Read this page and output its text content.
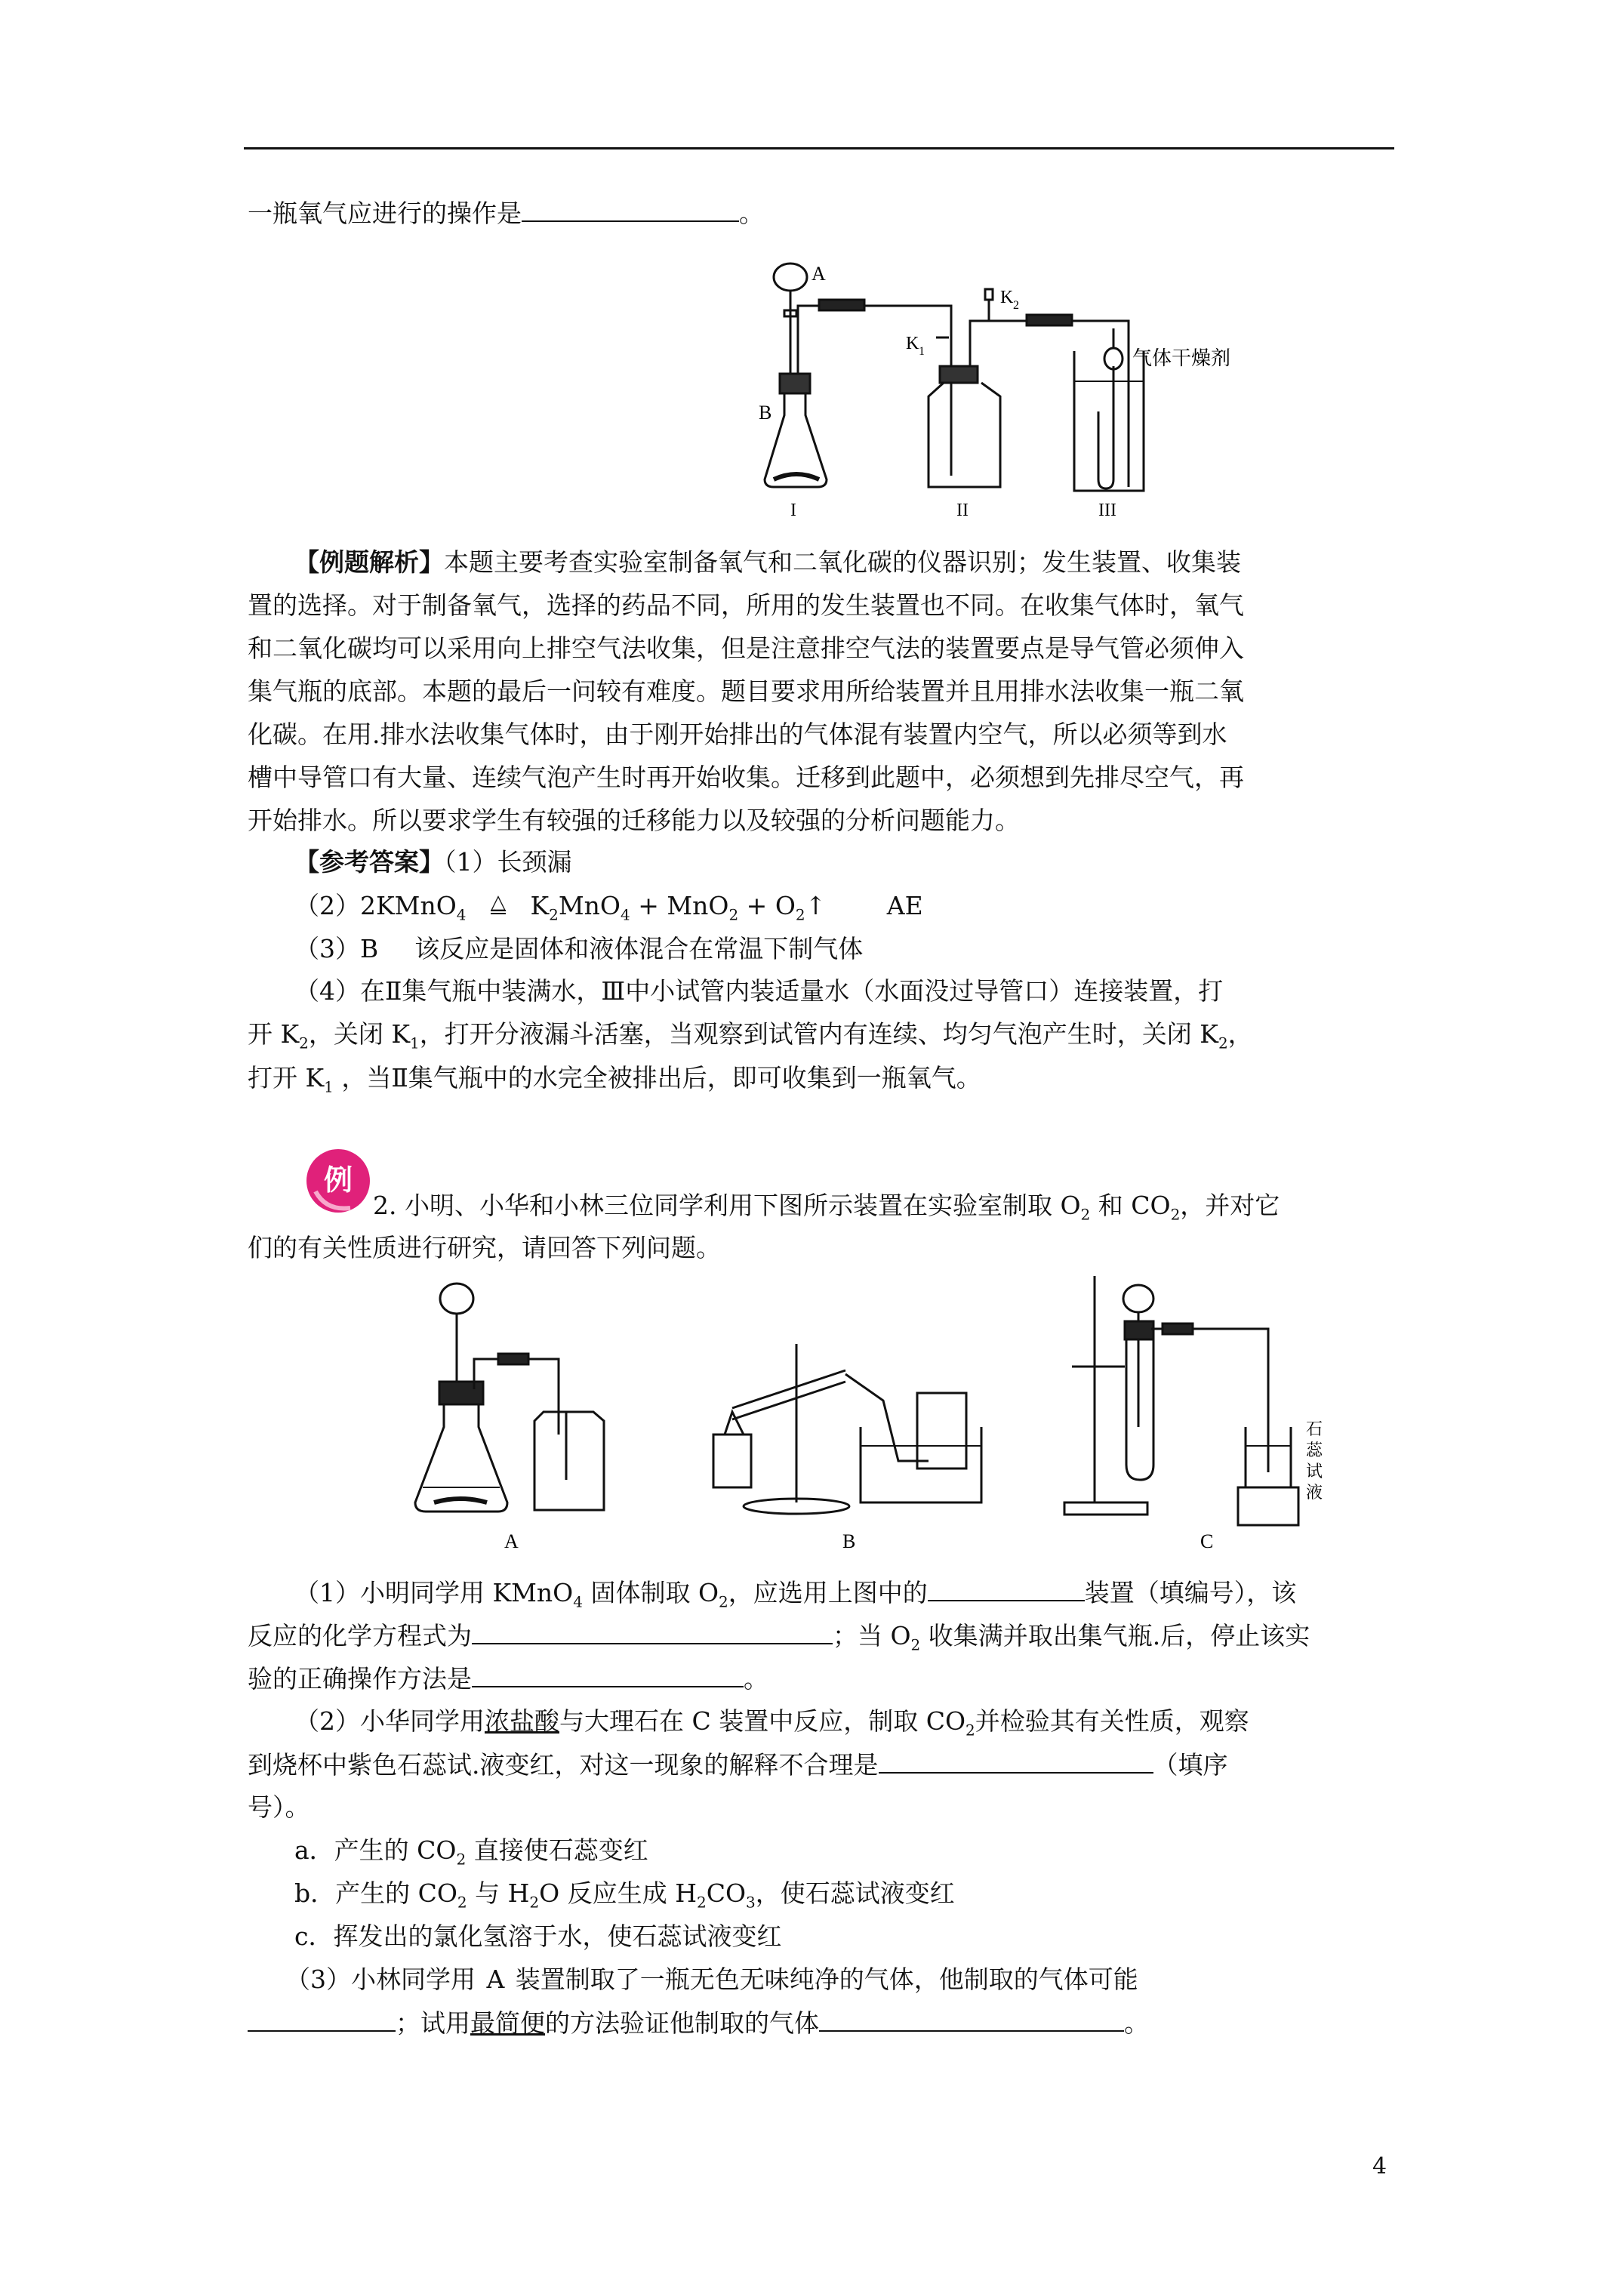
一瓶氧气应进行的操作是	。
A
B
K 1
K 2
气体干燥剂
I	II	III
【例题解析】本题主要考查实验室制备氧气和二氧化碳的仪器识别；发生装置、收集装
置的选择。对于制备氧气，选择的药品不同，所用的发生装置也不同。在收集气体时，氧气
和二氧化碳均可以采用向上排空气法收集，但是注意排空气法的装置要点是导气管必须伸入
集气瓶的底部。本题的最后一问较有难度。题目要求用所给装置并且用排水法收集一瓶二氧
化碳。在用.排水法收集气体时，由于刚开始排出的气体混有装置内空气，所以必须等到水
槽中导管口有大量、连续气泡产生时再开始收集。迁移到此题中，必须想到先排尽空气，再
开始排水。所以要求学生有较强的迁移能力以及较强的分析问题能力。
【参考答案】（1）长颈漏
（2）2KMnO$_4$ △ $K_2MnO_4 + MnO_2$ + $O_2↑$ AE
（3）B 该反应是固体和液体混合在常温下制气体
（4）在Ⅱ集气瓶中装满水，Ⅲ中小试管内装适量水（水面没过导管口）连接装置，打
开 $K_2$，关闭 $K_1$，打开分液漏斗活塞，当观察到试管内有连续、均匀气泡产生时，关闭 $K_2$，
打开 $K_1$ ，当Ⅱ集气瓶中的水完全被排出后，即可收集到一瓶氧气。
例
2. 小明、小华和小林三位同学利用下图所示装置在实验室制取 $O_2$ 和 $CO_2$，并对它
们的有关性质进行研究，请回答下列问题。
A	B	C
石
蕊
试
液
（1）小明同学用 KMnO$_4$ 固体制取 $O_2$，应选用上图中的	装置（填编号），该
反应的化学方程式为	；当 $O_2$ 收集满并取出集气瓶.后，停止该实
验的正确操作方法是	。
（2）小华同学用浓盐酸与大理石在 C 装置中反应，制取 $CO_2$并检验其有关性质，观察
到烧杯中紫色石蕊试.液变红，对这一现象的解释不合理是	（填序
号）。
a．产生的 $CO_2$ 直接使石蕊变红
b．产生的 $CO_2$ 与 $H_2O$ 反应生成 $H_2CO_3$，使石蕊试液变红
c．挥发出的氯化氢溶于水，使石蕊试液变红
（3）小林同学用 A 装置制取了一瓶无色无味纯净的气体，他制取的气体可能
；试用最简便的方法验证他制取的气体	。
4
